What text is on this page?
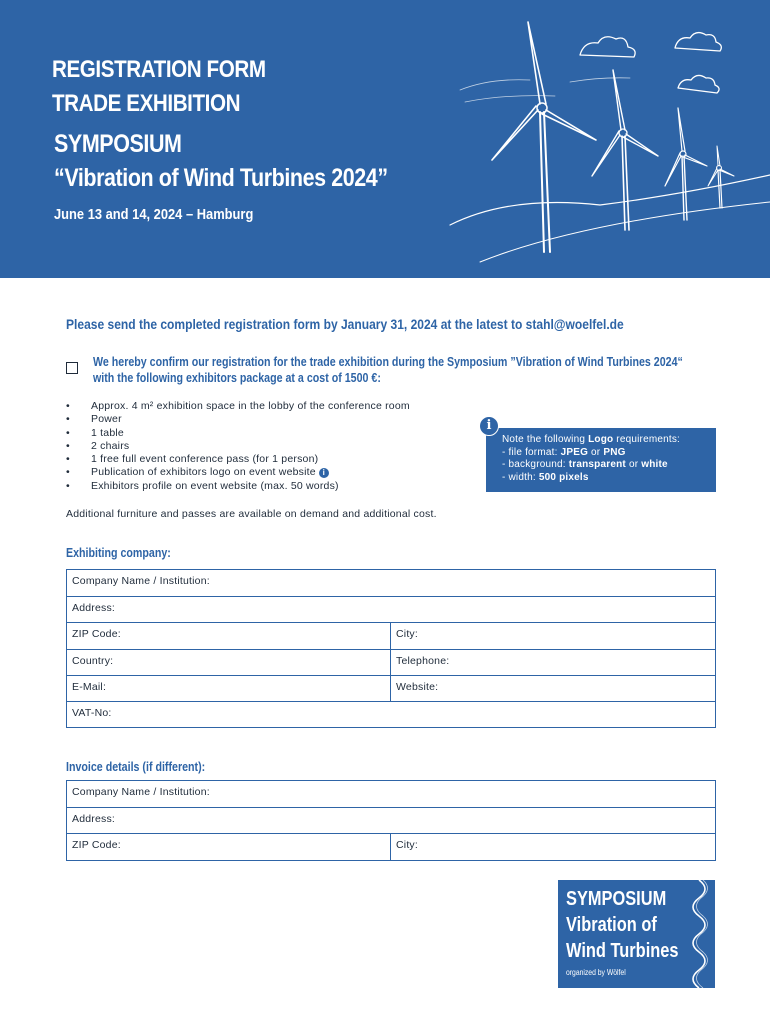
REGISTRATION FORM
TRADE EXHIBITION
SYMPOSIUM
“Vibration of Wind Turbines 2024”
June 13 and 14, 2024 – Hamburg
Please send the completed registration form by January 31, 2024 at the latest to stahl@woelfel.de
We hereby confirm our registration for the trade exhibition during the Symposium ”Vibration of Wind Turbines 2024“
with the following exhibitors package at a cost of 1500 €:
• Approx. 4 m² exhibition space in the lobby of the conference room
• Power
• 1 table
• 2 chairs
• 1 free full event conference pass (for 1 person)
• Publication of exhibitors logo on event website i
• Exhibitors profile on event website (max. 50 words)

Note the following Logo requirements:

- file format: JPEG or PNG

- background: transparent or white

- width: 500 pixels

i
Additional furniture and passes are available on demand and additional cost.
Exhibiting company:
Company Name / Institution:
Address:
ZIP Code:	City:
Country:	Telephone:
E-Mail:	Website:
VAT-No:
Invoice details (if different):
Company Name / Institution:
Address:
ZIP Code:	City:
SYMPOSIUM
Vibration of
Wind Turbines
organized by Wölfel
